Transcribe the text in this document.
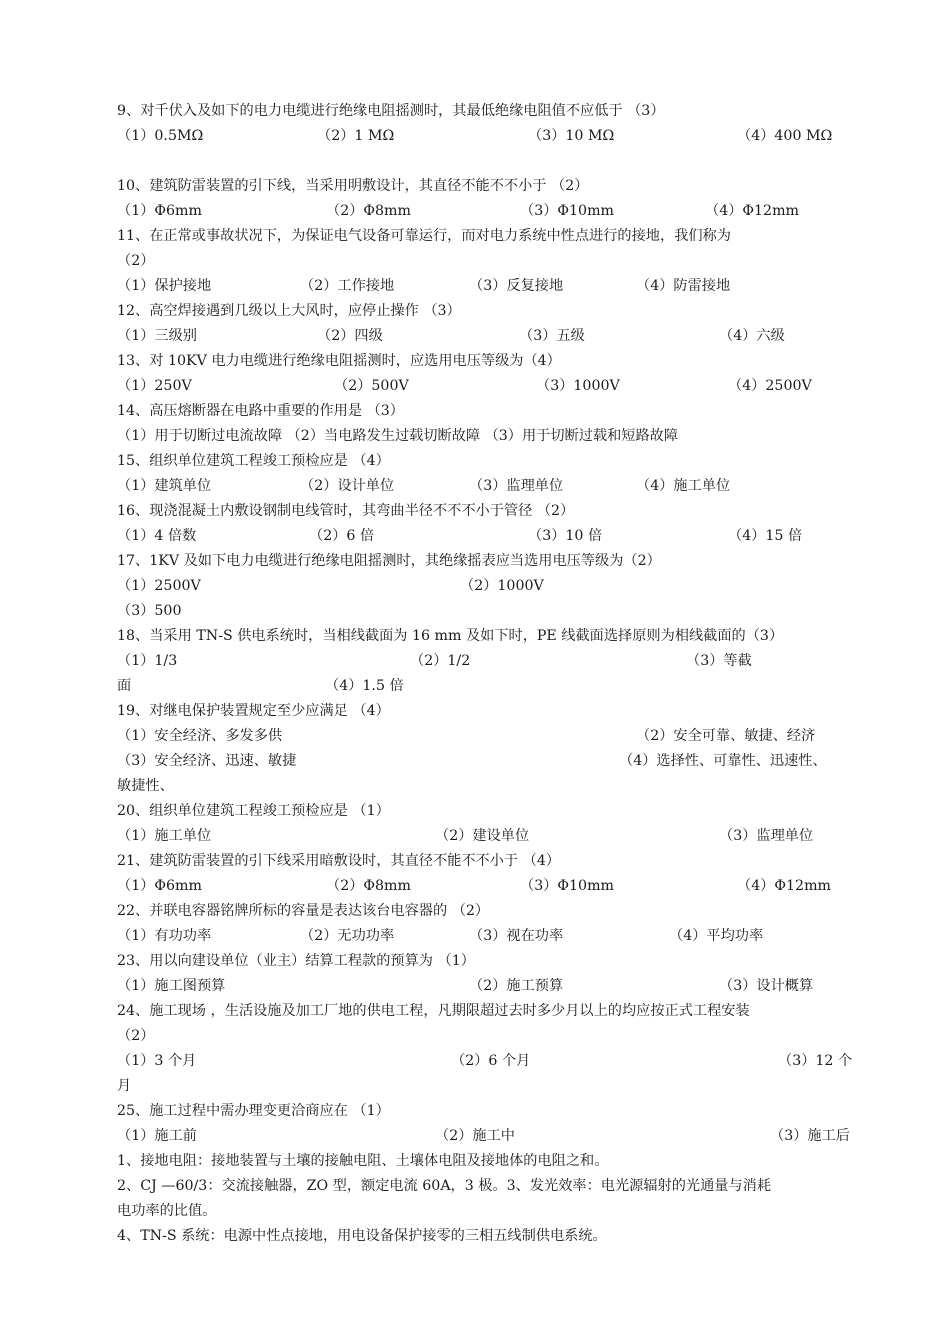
9、对千伏入及如下的电力电缆进行绝缘电阻摇测时，其最低绝缘电阻值不应低于 （3）
（1）0.5MΩ	（2）1 MΩ	（3）10 MΩ	（4）400 MΩ
10、建筑防雷装置的引下线，当采用明敷设计，其直径不能不不小于 （2）
（1）Φ6mm	（2）Φ8mm	（3）Φ10mm	（4）Φ12mm
11、在正常或事故状况下，为保证电气设备可靠运行，而对电力系统中性点进行的接地，我们称为
（2）
（1）保护接地	（2）工作接地	（3）反复接地	（4）防雷接地
12、高空焊接遇到几级以上大风时，应停止操作 （3）
（1）三级别	（2）四级	（3）五级	（4）六级
13、对 10KV 电力电缆进行绝缘电阻摇测时，应选用电压等级为（4）
（1）250V	（2）500V	（3）1000V	（4）2500V
14、高压熔断器在电路中重要的作用是 （3）
（1）用于切断过电流故障 （2）当电路发生过载切断故障 （3）用于切断过载和短路故障
15、组织单位建筑工程竣工预检应是 （4）
（1）建筑单位	（2）设计单位	（3）监理单位	（4）施工单位
16、现浇混凝土内敷设钢制电线管时，其弯曲半径不不不小于管径 （2）
（1）4 倍数	（2）6 倍	（3）10 倍	（4）15 倍
17、1KV 及如下电力电缆进行绝缘电阻摇测时，其绝缘摇表应当选用电压等级为（2）
（1）2500V	（2）1000V
（3）500
18、当采用 TN-S 供电系统时，当相线截面为 16 mm 及如下时，PE 线截面选择原则为相线截面的（3）
（1）1/3	（2）1/2	（3）等截
面	（4）1.5 倍
19、对继电保护装置规定至少应满足 （4）
（1）安全经济、多发多供	（2）安全可靠、敏捷、经济
（3）安全经济、迅速、敏捷	（4）选择性、可靠性、迅速性、
敏捷性、
20、组织单位建筑工程竣工预检应是 （1）
（1）施工单位	（2）建设单位	（3）监理单位
21、建筑防雷装置的引下线采用暗敷设时，其直径不能不不小于 （4）
（1）Φ6mm	（2）Φ8mm	（3）Φ10mm	（4）Φ12mm
22、并联电容器铭牌所标的容量是表达该台电容器的 （2）
（1）有功功率	（2）无功功率	（3）视在功率	（4）平均功率
23、用以向建设单位（业主）结算工程款的预算为 （1）
（1）施工图预算	（2）施工预算	（3）设计概算
24、施工现场 ，生活设施及加工厂地的供电工程，凡期限超过去时多少月以上的均应按正式工程安装
（2）
（1）3 个月	（2）6 个月	（3）12 个
月
25、施工过程中需办理变更洽商应在 （1）
（1）施工前	（2）施工中	（3）施工后
1、接地电阻：接地装置与土壤的接触电阻、土壤体电阻及接地体的电阻之和。
2、CJ —60/3：交流接触器，ZO 型，额定电流 60A，3 极。3、发光效率：电光源辐射的光通量与消耗
电功率的比值。
4、TN-S 系统：电源中性点接地，用电设备保护接零的三相五线制供电系统。
